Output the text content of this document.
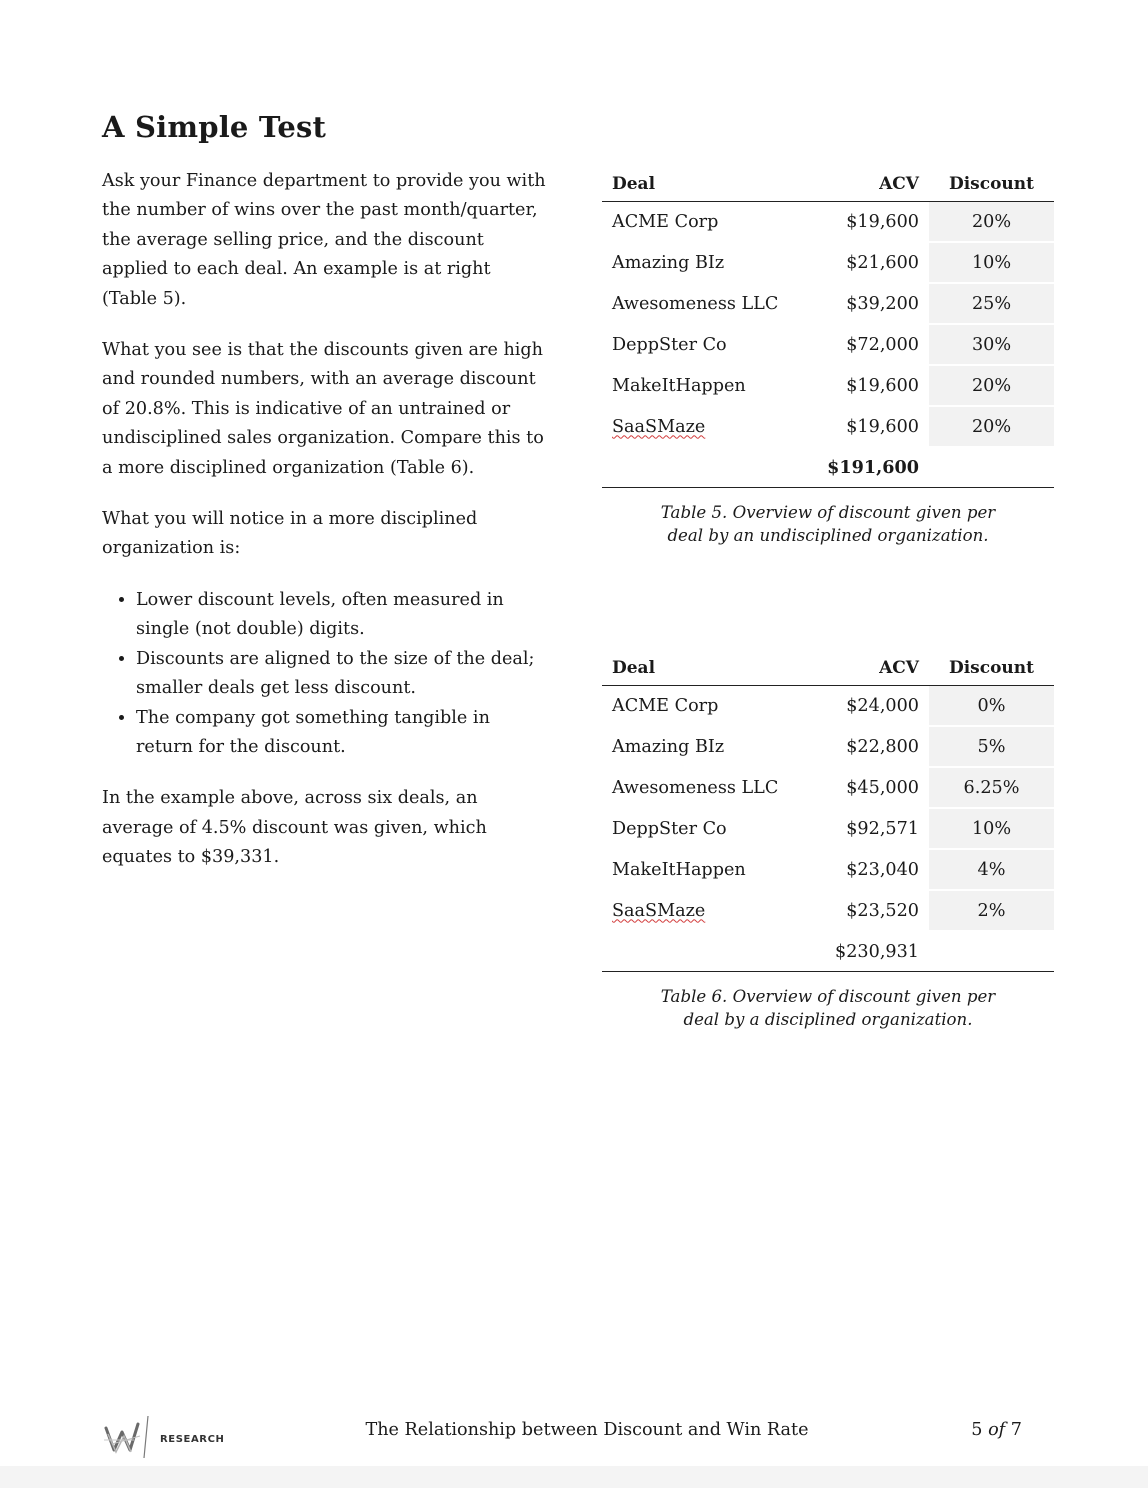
A Simple Test

Ask your Finance department to provide you with the number of wins over the past month/quarter, the average selling price, and the discount applied to each deal. An example is at right (Table 5).

What you see is that the discounts given are high and rounded numbers, with an average discount of 20.8%. This is indicative of an untrained or undisciplined sales organization. Compare this to a more disciplined organization (Table 6).

What you will notice in a more disciplined organization is:

• Lower discount levels, often measured in single (not double) digits.
• Discounts are aligned to the size of the deal; smaller deals get less discount.
• The company got something tangible in return for the discount.

In the example above, across six deals, an average of 4.5% discount was given, which equates to $39,331.

Deal	ACV	Discount
ACME Corp	$19,600	20%
Amazing BIz	$21,600	10%
Awesomeness LLC	$39,200	25%
DeppSter Co	$72,000	30%
MakeItHappen	$19,600	20%
SaaSMaze	$19,600	20%
	$191,600	
Table 5. Overview of discount given per deal by an undisciplined organization.
Deal	ACV	Discount
ACME Corp	$24,000	0%
Amazing BIz	$22,800	5%
Awesomeness LLC	$45,000	6.25%
DeppSter Co	$92,571	10%
MakeItHappen	$23,040	4%
SaaSMaze	$23,520	2%
	$230,931	
Table 6. Overview of discount given per deal by a disciplined organization.
RESEARCH	The Relationship between Discount and Win Rate	5 of 7
